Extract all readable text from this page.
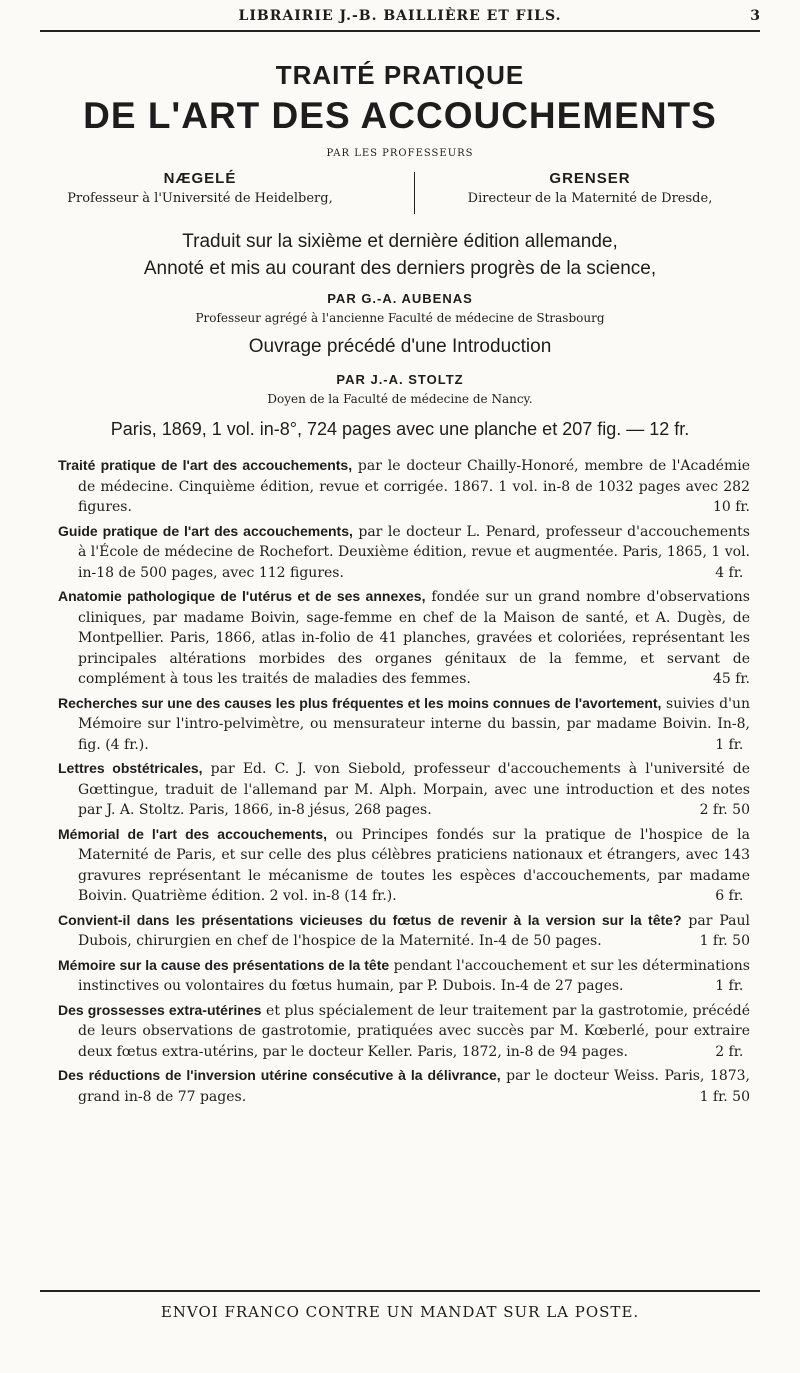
LIBRAIRIE J.-B. BAILLIÈRE ET FILS.	3
TRAITÉ PRATIQUE
DE L'ART DES ACCOUCHEMENTS
PAR LES PROFESSEURS
NÆGELÉ
Professeur à l'Université de Heidelberg,
GRENSER
Directeur de la Maternité de Dresde,
Traduit sur la sixième et dernière édition allemande,
Annoté et mis au courant des derniers progrès de la science,
PAR G.-A. AUBENAS
Professeur agrégé à l'ancienne Faculté de médecine de Strasbourg
Ouvrage précédé d'une Introduction
PAR J.-A. STOLTZ
Doyen de la Faculté de médecine de Nancy.
Paris, 1869, 1 vol. in-8°, 724 pages avec une planche et 207 fig. — 12 fr.
Traité pratique de l'art des accouchements, par le docteur Chailly-Honoré, membre de l'Académie de médecine. Cinquième édition, revue et corrigée. 1867. 1 vol. in-8 de 1032 pages avec 282 figures.	10 fr.
Guide pratique de l'art des accouchements, par le docteur L. Penard, professeur d'accouchements à l'École de médecine de Rochefort. Deuxième édition, revue et augmentée. Paris, 1865, 1 vol. in-18 de 500 pages, avec 112 figures.	4 fr.
Anatomie pathologique de l'utérus et de ses annexes, fondée sur un grand nombre d'observations cliniques, par madame Boivin, sage-femme en chef de la Maison de santé, et A. Dugès, de Montpellier. Paris, 1866, atlas in-folio de 41 planches, gravées et coloriées, représentant les principales altérations morbides des organes génitaux de la femme, et servant de complément à tous les traités de maladies des femmes.	45 fr.
Recherches sur une des causes les plus fréquentes et les moins connues de l'avortement, suivies d'un Mémoire sur l'intro-pelvimètre, ou mensurateur interne du bassin, par madame Boivin. In-8, fig. (4 fr.).	1 fr.
Lettres obstétricales, par Ed. C. J. von Siebold, professeur d'accouchements à l'université de Gœttingue, traduit de l'allemand par M. Alph. Morpain, avec une introduction et des notes par J. A. Stoltz. Paris, 1866, in-8 jésus, 268 pages.	2 fr. 50
Mémorial de l'art des accouchements, ou Principes fondés sur la pratique de l'hospice de la Maternité de Paris, et sur celle des plus célèbres praticiens nationaux et étrangers, avec 143 gravures représentant le mécanisme de toutes les espèces d'accouchements, par madame Boivin. Quatrième édition. 2 vol. in-8 (14 fr.).	6 fr.
Convient-il dans les présentations vicieuses du fœtus de revenir à la version sur la tête? par Paul Dubois, chirurgien en chef de l'hospice de la Maternité. In-4 de 50 pages.	1 fr. 50
Mémoire sur la cause des présentations de la tête pendant l'accouchement et sur les déterminations instinctives ou volontaires du fœtus humain, par P. Dubois. In-4 de 27 pages.	1 fr.
Des grossesses extra-utérines et plus spécialement de leur traitement par la gastrotomie, précédé de leurs observations de gastrotomie, pratiquées avec succès par M. Kœberlé, pour extraire deux fœtus extra-utérins, par le docteur Keller. Paris, 1872, in-8 de 94 pages.	2 fr.
Des réductions de l'inversion utérine consécutive à la délivrance, par le docteur Weiss. Paris, 1873, grand in-8 de 77 pages.	1 fr. 50
ENVOI FRANCO CONTRE UN MANDAT SUR LA POSTE.
